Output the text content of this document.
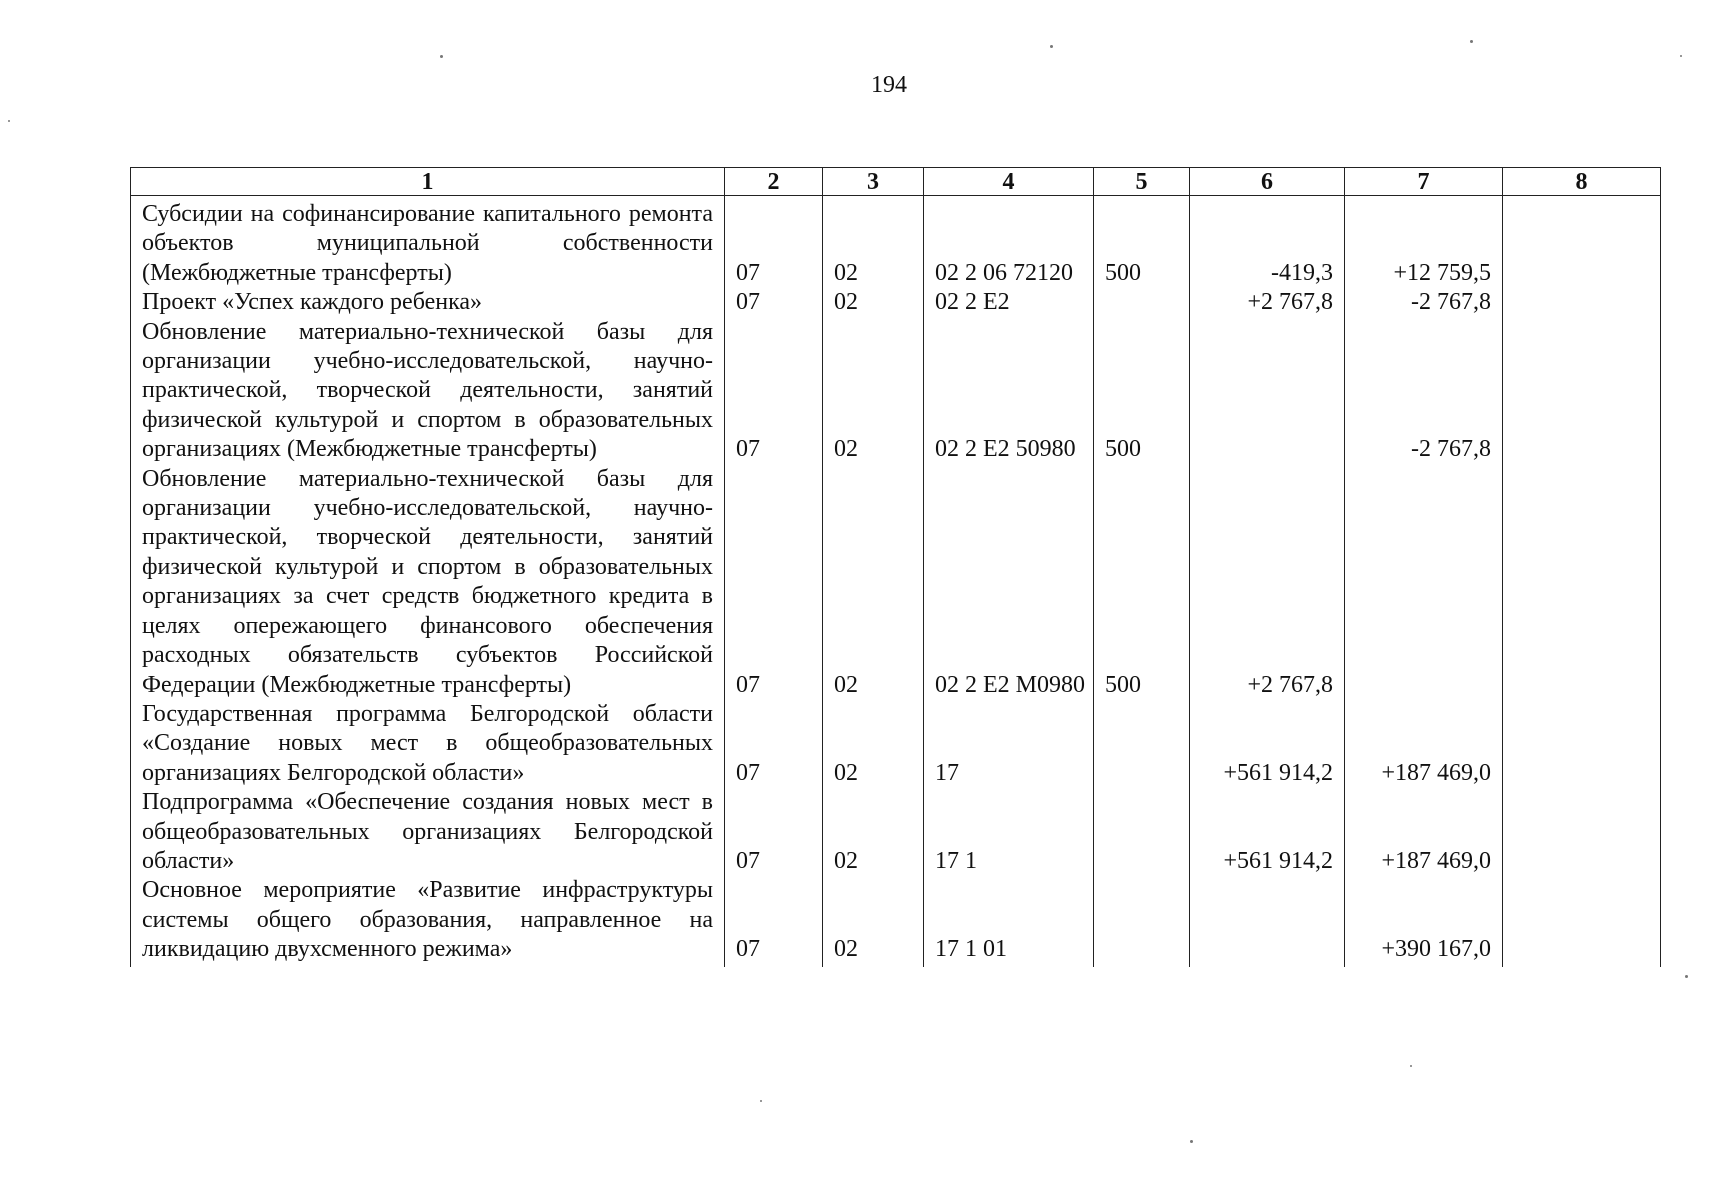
194
1	2	3	4	5	6	7	8
Субсидии на софинансирование капитального ремонта объектов муниципальной собственности (Межбюджетные трансферты)	07	02	02 2 06 72120	500	-419,3	+12 759,5	
Проект «Успех каждого ребенка»	07	02	02 2 E2		+2 767,8	-2 767,8	
Обновление материально-технической базы для организации учебно-исследовательской, научно-практической, творческой деятельности, занятий физической культурой и спортом в образовательных организациях (Межбюджетные трансферты)	07	02	02 2 E2 50980	500		-2 767,8	
Обновление материально-технической базы для организации учебно-исследовательской, научно-практической, творческой деятельности, занятий физической культурой и спортом в образовательных организациях за счет средств бюджетного кредита в целях опережающего финансового обеспечения расходных обязательств субъектов Российской Федерации (Межбюджетные трансферты)	07	02	02 2 E2 M0980	500	+2 767,8		
Государственная программа Белгородской области «Создание новых мест в общеобразовательных организациях Белгородской области»	07	02	17		+561 914,2	+187 469,0	
Подпрограмма «Обеспечение создания новых мест в общеобразовательных организациях Белгородской области»	07	02	17 1		+561 914,2	+187 469,0	
Основное мероприятие «Развитие инфраструктуры системы общего образования, направленное на ликвидацию двухсменного режима»	07	02	17 1 01			+390 167,0	
